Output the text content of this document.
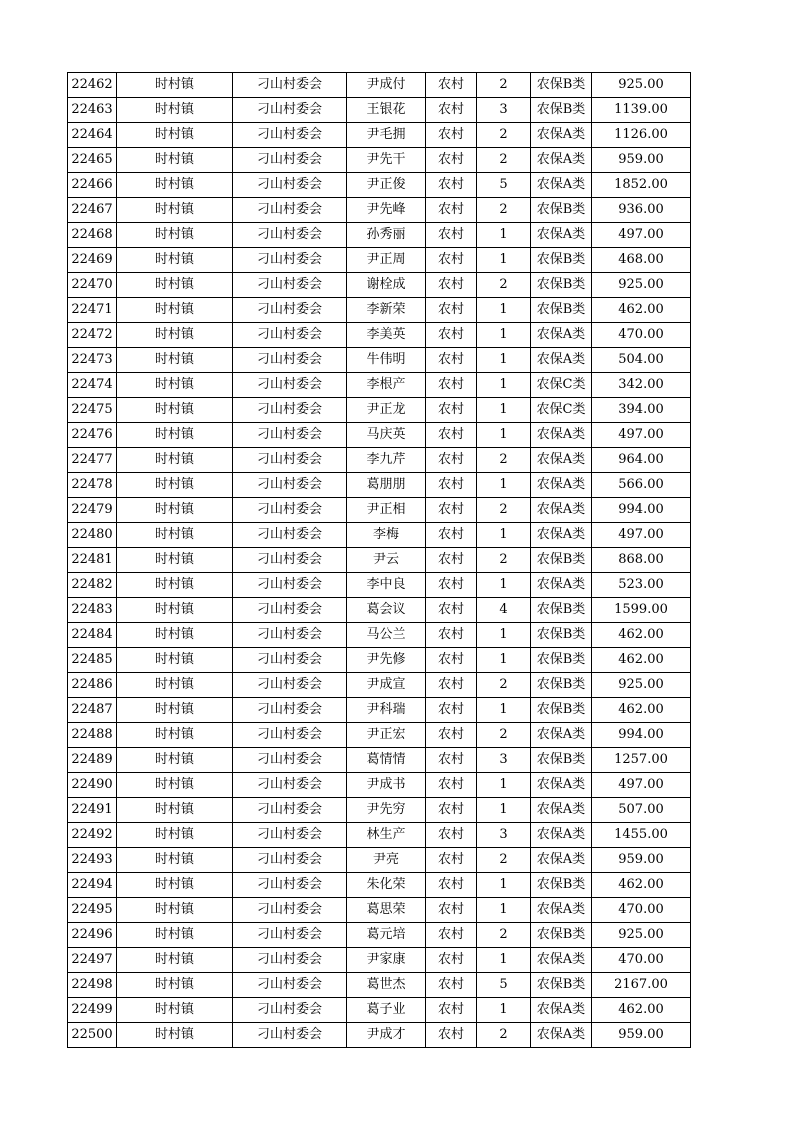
22462	时村镇	刁山村委会	尹成付	农村	2	农保B类	925.00
22463	时村镇	刁山村委会	王银花	农村	3	农保B类	1139.00
22464	时村镇	刁山村委会	尹毛拥	农村	2	农保A类	1126.00
22465	时村镇	刁山村委会	尹先干	农村	2	农保A类	959.00
22466	时村镇	刁山村委会	尹正俊	农村	5	农保A类	1852.00
22467	时村镇	刁山村委会	尹先峰	农村	2	农保B类	936.00
22468	时村镇	刁山村委会	孙秀丽	农村	1	农保A类	497.00
22469	时村镇	刁山村委会	尹正周	农村	1	农保B类	468.00
22470	时村镇	刁山村委会	谢栓成	农村	2	农保B类	925.00
22471	时村镇	刁山村委会	李新荣	农村	1	农保B类	462.00
22472	时村镇	刁山村委会	李美英	农村	1	农保A类	470.00
22473	时村镇	刁山村委会	牛伟明	农村	1	农保A类	504.00
22474	时村镇	刁山村委会	李根产	农村	1	农保C类	342.00
22475	时村镇	刁山村委会	尹正龙	农村	1	农保C类	394.00
22476	时村镇	刁山村委会	马庆英	农村	1	农保A类	497.00
22477	时村镇	刁山村委会	李九芹	农村	2	农保A类	964.00
22478	时村镇	刁山村委会	葛朋朋	农村	1	农保A类	566.00
22479	时村镇	刁山村委会	尹正相	农村	2	农保A类	994.00
22480	时村镇	刁山村委会	李梅	农村	1	农保A类	497.00
22481	时村镇	刁山村委会	尹云	农村	2	农保B类	868.00
22482	时村镇	刁山村委会	李中良	农村	1	农保A类	523.00
22483	时村镇	刁山村委会	葛会议	农村	4	农保B类	1599.00
22484	时村镇	刁山村委会	马公兰	农村	1	农保B类	462.00
22485	时村镇	刁山村委会	尹先修	农村	1	农保B类	462.00
22486	时村镇	刁山村委会	尹成宣	农村	2	农保B类	925.00
22487	时村镇	刁山村委会	尹科瑞	农村	1	农保B类	462.00
22488	时村镇	刁山村委会	尹正宏	农村	2	农保A类	994.00
22489	时村镇	刁山村委会	葛情情	农村	3	农保B类	1257.00
22490	时村镇	刁山村委会	尹成书	农村	1	农保A类	497.00
22491	时村镇	刁山村委会	尹先穷	农村	1	农保A类	507.00
22492	时村镇	刁山村委会	林生产	农村	3	农保A类	1455.00
22493	时村镇	刁山村委会	尹亮	农村	2	农保A类	959.00
22494	时村镇	刁山村委会	朱化荣	农村	1	农保B类	462.00
22495	时村镇	刁山村委会	葛思荣	农村	1	农保A类	470.00
22496	时村镇	刁山村委会	葛元培	农村	2	农保B类	925.00
22497	时村镇	刁山村委会	尹家康	农村	1	农保A类	470.00
22498	时村镇	刁山村委会	葛世杰	农村	5	农保B类	2167.00
22499	时村镇	刁山村委会	葛子业	农村	1	农保A类	462.00
22500	时村镇	刁山村委会	尹成才	农村	2	农保A类	959.00
